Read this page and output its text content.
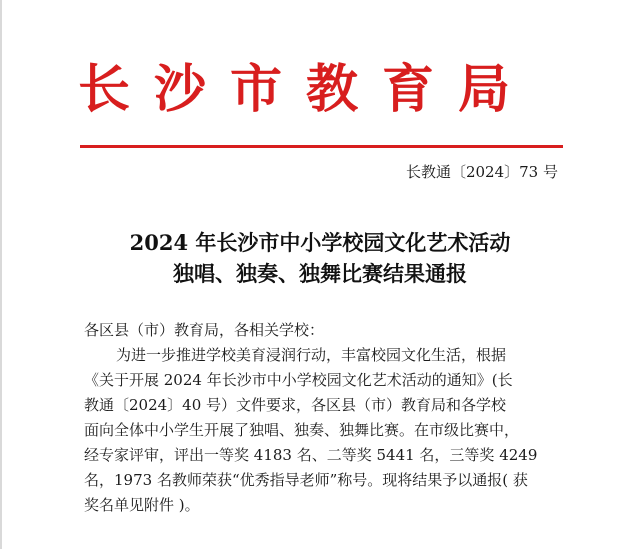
长沙市教育局
长教通〔2024〕73 号
2024 年长沙市中小学校园文化艺术活动
独唱、独奏、独舞比赛结果通报
各区县（市）教育局，各相关学校：
为进一步推进学校美育浸润行动，丰富校园文化生活，根据
《关于开展 2024 年长沙市中小学校园文化艺术活动的通知》(长
教通〔2024〕40 号）文件要求，各区县（市）教育局和各学校
面向全体中小学生开展了独唱、独奏、独舞比赛。在市级比赛中，
经专家评审，评出一等奖 4183 名、二等奖 5441 名，三等奖 4249
名，1973 名教师荣获“优秀指导老师”称号。现将结果予以通报( 获
奖名单见附件 )。
